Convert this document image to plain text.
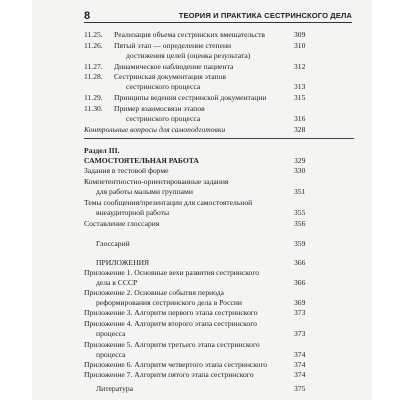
8	ТЕОРИЯ И ПРАКТИКА СЕСТРИНСКОГО ДЕЛА
11.25. Реализация объема сестринских вмешательств	309
11.26. Пятый этап — определение степени	310
достижения целей (оценка результата)
11.27. Динамическое наблюдение пациента	312
11.28. Сестринская документация этапов
сестринского процесса	313
11.29. Принципы ведения сестринской документации	315
11.30. Пример взаимосвязи этапов
сестринского процесса	316
Контрольные вопросы для самоподготовки	328
Раздел III.
САМОСТОЯТЕЛЬНАЯ РАБОТА	329
Задания в тестовой форме	330
Компетентностно-ориентированные задания
для работы малыми группами	351
Темы сообщения/презентации для самостоятельной
внеаудиторной работы	355
Составление глоссария	356
Глоссарий	359
ПРИЛОЖЕНИЯ	366
Приложение 1. Основные вехи развития сестринского
дела в СССР	366
Приложение 2. Основные события периода
реформирования сестринского дела в России	369
Приложение 3. Алгоритм первого этапа сестринского	373
Приложение 4. Алгоритм второго этапа сестринского
процесса	373
Приложение 5. Алгоритм третьего этапа сестринского
процесса	374
Приложение 6. Алгоритм четвертого этапа сестринского	374
Приложение 7. Алгоритм пятого этапа сестринского	374
Литература	375
